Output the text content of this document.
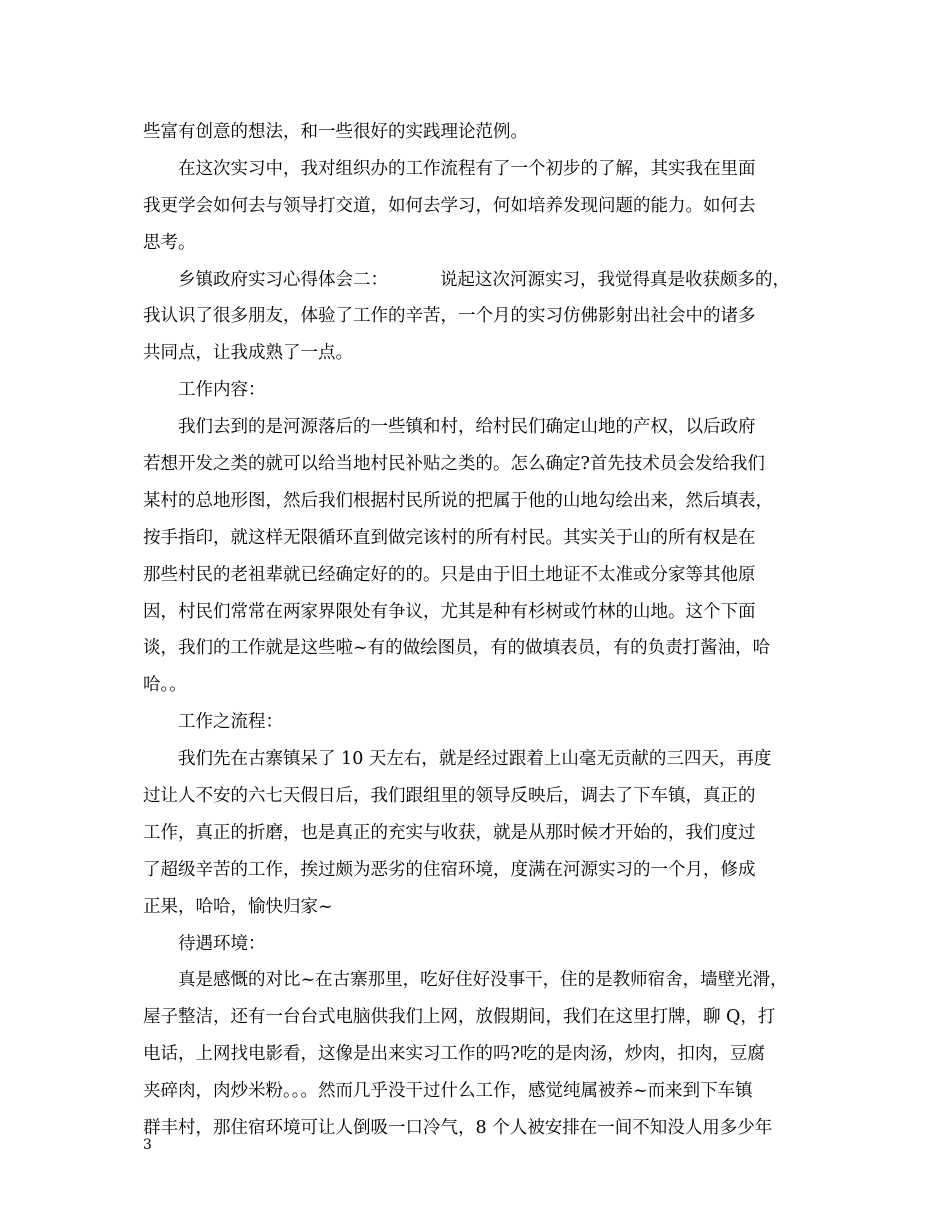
些富有创意的想法，和一些很好的实践理论范例。
在这次实习中，我对组织办的工作流程有了一个初步的了解，其实我在里面
我更学会如何去与领导打交道，如何去学习，何如培养发现问题的能力。如何去
思考。
乡镇政府实习心得体会二：	说起这次河源实习，我觉得真是收获颇多的，
我认识了很多朋友，体验了工作的辛苦，一个月的实习仿佛影射出社会中的诸多
共同点，让我成熟了一点。
工作内容：
我们去到的是河源落后的一些镇和村，给村民们确定山地的产权，以后政府
若想开发之类的就可以给当地村民补贴之类的。怎么确定?首先技术员会发给我们
某村的总地形图，然后我们根据村民所说的把属于他的山地勾绘出来，然后填表，
按手指印，就这样无限循环直到做完该村的所有村民。其实关于山的所有权是在
那些村民的老祖辈就已经确定好的的。只是由于旧土地证不太准或分家等其他原
因，村民们常常在两家界限处有争议，尤其是种有杉树或竹林的山地。这个下面
谈，我们的工作就是这些啦~有的做绘图员，有的做填表员，有的负责打酱油，哈
哈。。
工作之流程：
我们先在古寨镇呆了 10 天左右，就是经过跟着上山毫无贡献的三四天，再度
过让人不安的六七天假日后，我们跟组里的领导反映后，调去了下车镇，真正的
工作，真正的折磨，也是真正的充实与收获，就是从那时候才开始的，我们度过
了超级辛苦的工作，挨过颇为恶劣的住宿环境，度满在河源实习的一个月，修成
正果，哈哈，愉快归家~
待遇环境：
真是感慨的对比~在古寨那里，吃好住好没事干，住的是教师宿舍，墙壁光滑，
屋子整洁，还有一台台式电脑供我们上网，放假期间，我们在这里打牌，聊 Q，打
电话，上网找电影看，这像是出来实习工作的吗?吃的是肉汤，炒肉，扣肉，豆腐
夹碎肉，肉炒米粉。。。然而几乎没干过什么工作，感觉纯属被养~而来到下车镇
群丰村，那住宿环境可让人倒吸一口冷气，8 个人被安排在一间不知没人用多少年
3
